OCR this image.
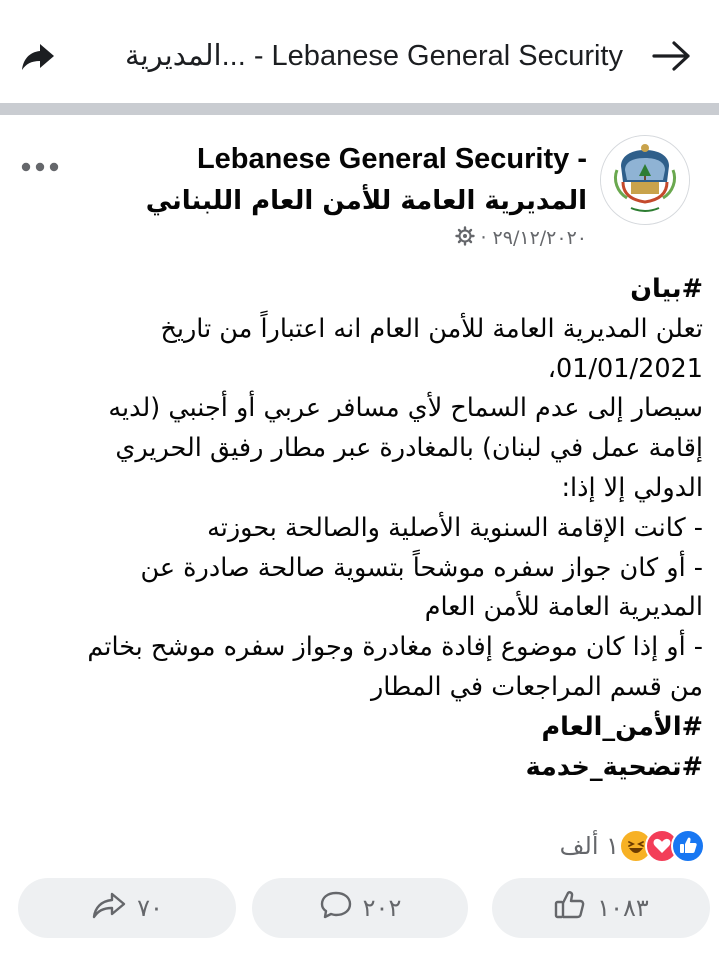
المديرية... - Lebanese General Security
Lebanese General Security -
المديرية العامة للأمن العام اللبناني
٢٩/١٢/٢٠٢٠
·
#بيان
تعلن المديرية العامة للأمن العام انه اعتباراً من تاريخ
01/01/2021،
سيصار إلى عدم السماح لأي مسافر عربي أو أجنبي (لديه
إقامة عمل في لبنان) بالمغادرة عبر مطار رفيق الحريري
الدولي إلا إذا:
- كانت الإقامة السنوية الأصلية والصالحة بحوزته
- أو كان جواز سفره موشحاً بتسوية صالحة صادرة عن
المديرية العامة للأمن العام
- أو إذا كان موضوع إفادة مغادرة وجواز سفره موشح بخاتم
من قسم المراجعات في المطار
#الأمن_العام
#تضحية_خدمة
١ ألف
٧٠	٢٠٢	١٠٨٣
